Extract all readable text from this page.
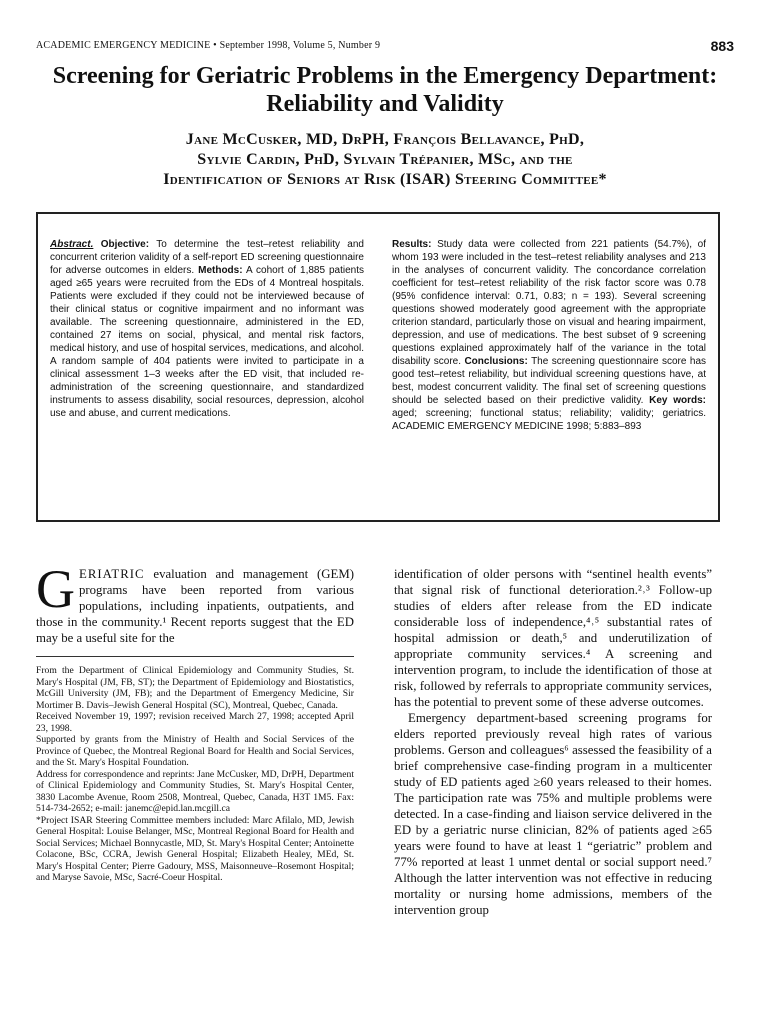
ACADEMIC EMERGENCY MEDICINE • September 1998, Volume 5, Number 9	883
Screening for Geriatric Problems in the Emergency Department: Reliability and Validity
Jane McCusker, MD, DrPH, François Bellavance, PhD,
Sylvie Cardin, PhD, Sylvain Trépanier, MSc, and the
Identification of Seniors at Risk (ISAR) Steering Committee*

Abstract. Objective: To determine the test–retest reliability and concurrent criterion validity of a self-report ED screening questionnaire for adverse outcomes in elders. Methods: A cohort of 1,885 patients aged ≥65 years were recruited from the EDs of 4 Montreal hospitals. Patients were excluded if they could not be interviewed because of their clinical status or cognitive impairment and no informant was available. The screening questionnaire, administered in the ED, contained 27 items on social, physical, and mental risk factors, medical history, and use of hospital services, medications, and alcohol. A random sample of 404 patients were invited to participate in a clinical assessment 1–3 weeks after the ED visit, that included re-administration of the screening questionnaire, and standardized instruments to assess disability, social resources, depression, alcohol use and abuse, and current medications.

Results: Study data were collected from 221 patients (54.7%), of whom 193 were included in the test–retest reliability analyses and 213 in the analyses of concurrent validity. The concordance correlation coefficient for test–retest reliability of the risk factor score was 0.78 (95% confidence interval: 0.71, 0.83; n = 193). Several screening questions showed moderately good agreement with the appropriate criterion standard, particularly those on visual and hearing impairment, depression, and use of medications. The best subset of 9 screening questions explained approximately half of the variance in the total disability score. Conclusions: The screening questionnaire score has good test–retest reliability, but individual screening questions have, at best, modest concurrent validity. The final set of screening questions should be selected based on their predictive validity. Key words: aged; screening; functional status; reliability; validity; geriatrics. ACADEMIC EMERGENCY MEDICINE 1998; 5:883–893

GERIATRIC evaluation and management (GEM) programs have been reported from various populations, including inpatients, outpatients, and those in the community.¹ Recent reports suggest that the ED may be a useful site for the

From the Department of Clinical Epidemiology and Community Studies, St. Mary's Hospital (JM, FB, ST); the Department of Epidemiology and Biostatistics, McGill University (JM, FB); and the Department of Emergency Medicine, Sir Mortimer B. Davis–Jewish General Hospital (SC), Montreal, Quebec, Canada.

Received November 19, 1997; revision received March 27, 1998; accepted April 23, 1998.

Supported by grants from the Ministry of Health and Social Services of the Province of Quebec, the Montreal Regional Board for Health and Social Services, and the St. Mary's Hospital Foundation.

Address for correspondence and reprints: Jane McCusker, MD, DrPH, Department of Clinical Epidemiology and Community Studies, St. Mary's Hospital Center, 3830 Lacombe Avenue, Room 2508, Montreal, Quebec, Canada, H3T 1M5. Fax: 514-734-2652; e-mail: janemc@epid.lan.mcgill.ca

*Project ISAR Steering Committee members included: Marc Afilalo, MD, Jewish General Hospital: Louise Belanger, MSc, Montreal Regional Board for Health and Social Services; Michael Bonnycastle, MD, St. Mary's Hospital Center; Antoinette Colacone, BSc, CCRA, Jewish General Hospital; Elizabeth Healey, MEd, St. Mary's Hospital Center; Pierre Gadoury, MSS, Maisonneuve–Rosemont Hospital; and Maryse Savoie, MSc, Sacré-Coeur Hospital.

identification of older persons with “sentinel health events” that signal risk of functional deterioration.²˒³ Follow-up studies of elders after release from the ED indicate considerable loss of independence,⁴˒⁵ substantial rates of hospital admission or death,⁵ and underutilization of appropriate community services.⁴ A screening and intervention program, to include the identification of those at risk, followed by referrals to appropriate community services, has the potential to prevent some of these adverse outcomes.

Emergency department-based screening programs for elders reported previously reveal high rates of various problems. Gerson and colleagues⁶ assessed the feasibility of a brief comprehensive case-finding program in a multicenter study of ED patients aged ≥60 years released to their homes. The participation rate was 75% and multiple problems were detected. In a case-finding and liaison service delivered in the ED by a geriatric nurse clinician, 82% of patients aged ≥65 years were found to have at least 1 “geriatric” problem and 77% reported at least 1 unmet dental or social support need.⁷ Although the latter intervention was not effective in reducing mortality or nursing home admissions, members of the intervention group
